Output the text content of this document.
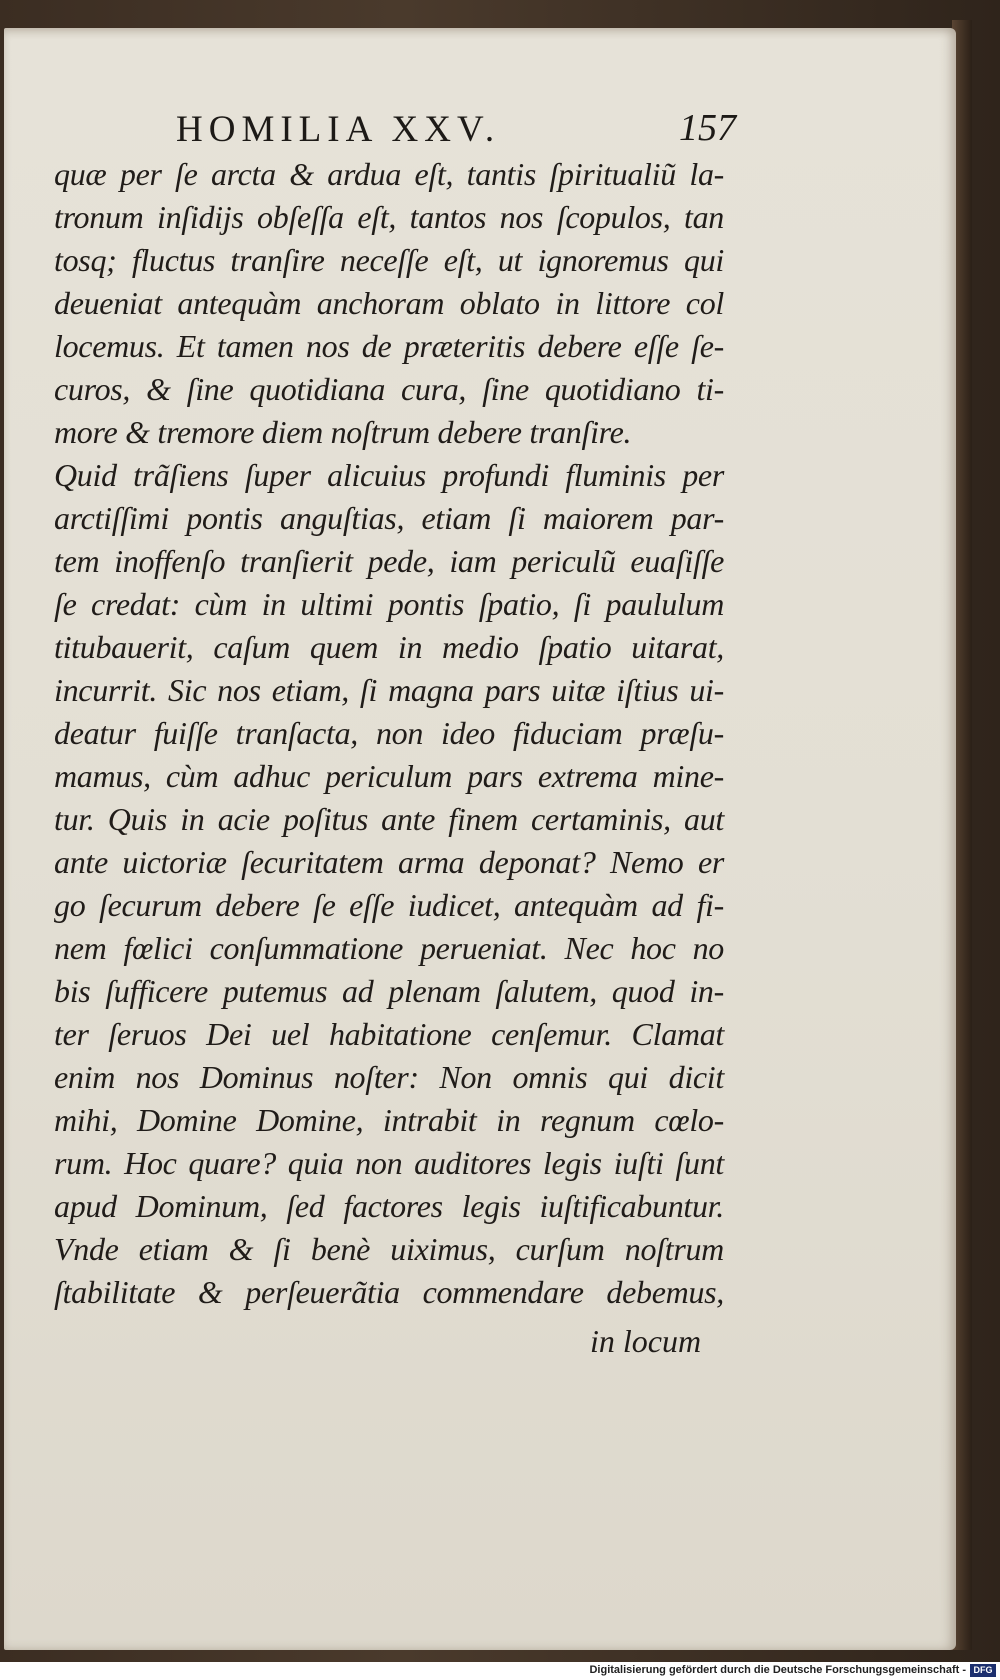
HOMILIA XXV.	157
quæ per ſe arcta & ardua eſt, tantis ſpiritualiũ la-
tronum inſidijs obſeſſa eſt, tantos nos ſcopulos, tan
tosq; fluctus tranſire neceſſe eſt, ut ignoremus qui
deueniat antequàm anchoram oblato in littore col
locemus. Et tamen nos de præteritis debere eſſe ſe-
curos, & ſine quotidiana cura, ſine quotidiano ti-
more & tremore diem noſtrum debere tranſire.
Quid trãſiens ſuper alicuius profundi fluminis per
arctiſſimi pontis anguſtias, etiam ſi maiorem par-
tem inoffenſo tranſierit pede, iam periculũ euaſiſſe
ſe credat: cùm in ultimi pontis ſpatio, ſi paululum
titubauerit, caſum quem in medio ſpatio uitarat,
incurrit. Sic nos etiam, ſi magna pars uitæ iſtius ui-
deatur fuiſſe tranſacta, non ideo fiduciam præſu-
mamus, cùm adhuc periculum pars extrema mine-
tur. Quis in acie poſitus ante finem certaminis, aut
ante uictoriæ ſecuritatem arma deponat? Nemo er
go ſecurum debere ſe eſſe iudicet, antequàm ad fi-
nem fœlici conſummatione perueniat. Nec hoc no
bis ſufficere putemus ad plenam ſalutem, quod in-
ter ſeruos Dei uel habitatione cenſemur. Clamat
enim nos Dominus noſter: Non omnis qui dicit
mihi, Domine Domine, intrabit in regnum cœlo-
rum. Hoc quare? quia non auditores legis iuſti ſunt
apud Dominum, ſed factores legis iuſtificabuntur.
Vnde etiam & ſi benè uiximus, curſum noſtrum
ſtabilitate & perſeuerãtia commendare debemus,
in locum
Digitalisierung gefördert durch die Deutsche Forschungsgemeinschaft - DFG
